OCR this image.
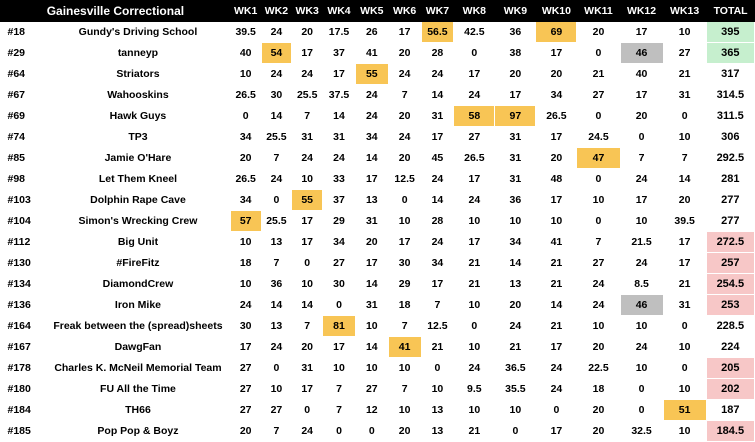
Gainesville Correctional		WK1	WK2	WK3	WK4	WK5	WK6	WK7	WK8	WK9	WK10	WK11	WK12	WK13	TOTAL
#18	Gundy's Driving School	39.5	24	20	17.5	26	17	56.5	42.5	36	69	20	17	10	395
#29	tanneyp	40	54	17	37	41	20	28	0	38	17	0	46	27	365
#64	Striators	10	24	24	17	55	24	24	17	20	20	21	40	21	317
#67	Wahooskins	26.5	30	25.5	37.5	24	7	14	24	17	34	27	17	31	314.5
#69	Hawk Guys	0	14	7	14	24	20	31	58	97	26.5	0	20	0	311.5
#74	TP3	34	25.5	31	31	34	24	17	27	31	17	24.5	0	10	306
#85	Jamie O'Hare	20	7	24	24	14	20	45	26.5	31	20	47	7	7	292.5
#98	Let Them Kneel	26.5	24	10	33	17	12.5	24	17	31	48	0	24	14	281
#103	Dolphin Rape Cave	34	0	55	37	13	0	14	24	36	17	10	17	20	277
#104	Simon's Wrecking Crew	57	25.5	17	29	31	10	28	10	10	10	0	10	39.5	277
#112	Big Unit	10	13	17	34	20	17	24	17	34	41	7	21.5	17	272.5
#130	#FireFitz	18	7	0	27	17	30	34	21	14	21	27	24	17	257
#134	DiamondCrew	10	36	10	30	14	29	17	21	13	21	24	8.5	21	254.5
#136	Iron Mike	24	14	14	0	31	18	7	10	20	14	24	46	31	253
#164	Freak between the (spread)sheets	30	13	7	81	10	7	12.5	0	24	21	10	10	0	228.5
#167	DawgFan	17	24	20	17	14	41	21	10	21	17	20	24	10	224
#178	Charles K. McNeil Memorial Team	27	0	31	10	10	10	0	24	36.5	24	22.5	10	0	205
#180	FU All the Time	27	10	17	7	27	7	10	9.5	35.5	24	18	0	10	202
#184	TH66	27	27	0	7	12	10	13	10	10	0	20	0	51	187
#185	Pop Pop & Boyz	20	7	24	0	0	20	13	21	0	17	20	32.5	10	184.5
